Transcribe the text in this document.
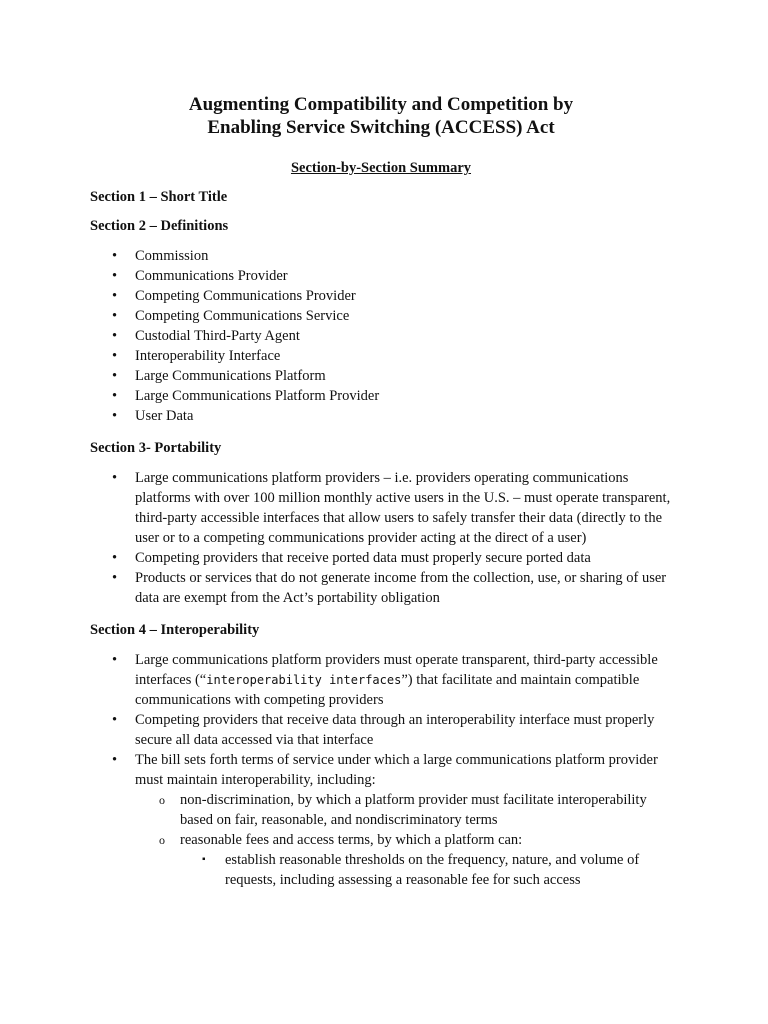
Augmenting Compatibility and Competition by
Enabling Service Switching (ACCESS) Act

Section-by-Section Summary

Section 1 – Short Title

Section 2 – Definitions

• Commission
• Communications Provider
• Competing Communications Provider
• Competing Communications Service
• Custodial Third-Party Agent
• Interoperability Interface
• Large Communications Platform
• Large Communications Platform Provider
• User Data

Section 3- Portability

• Large communications platform providers – i.e. providers operating communications platforms with over 100 million monthly active users in the U.S. – must operate transparent, third-party accessible interfaces that allow users to safely transfer their data (directly to the user or to a competing communications provider acting at the direct of a user)
• Competing providers that receive ported data must properly secure ported data
• Products or services that do not generate income from the collection, use, or sharing of user data are exempt from the Act’s portability obligation

Section 4 – Interoperability

• Large communications platform providers must operate transparent, third-party accessible interfaces (“interoperability interfaces”) that facilitate and maintain compatible communications with competing providers
• Competing providers that receive data through an interoperability interface must properly secure all data accessed via that interface
• The bill sets forth terms of service under which a large communications platform provider must maintain interoperability, including:
o non-discrimination, by which a platform provider must facilitate interoperability based on fair, reasonable, and nondiscriminatory terms
o reasonable fees and access terms, by which a platform can:
▪ establish reasonable thresholds on the frequency, nature, and volume of requests, including assessing a reasonable fee for such access
